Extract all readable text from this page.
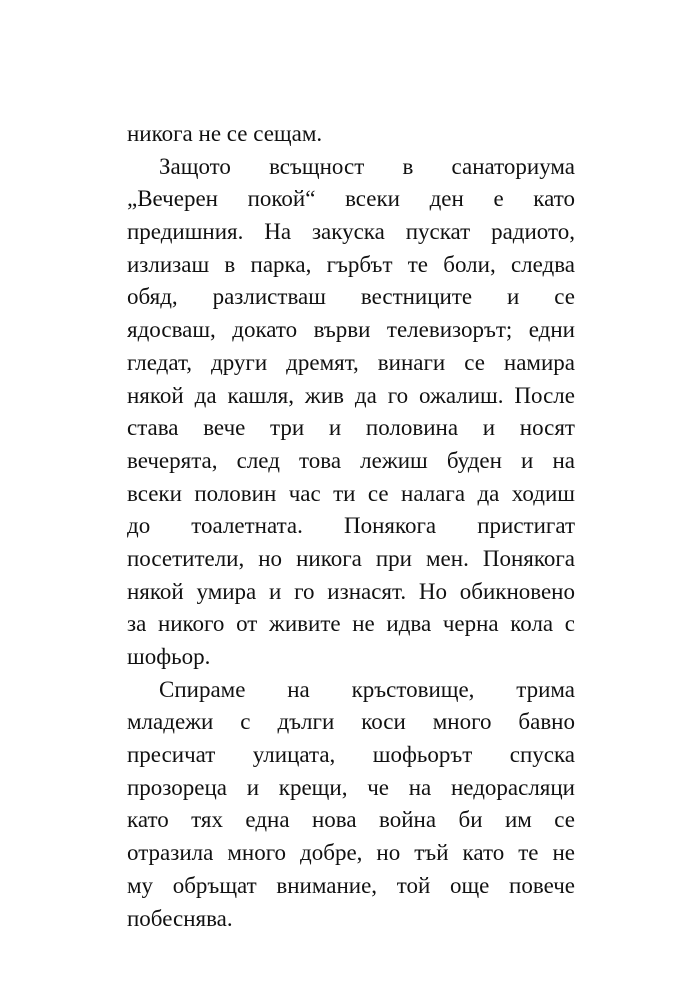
никога не се сещам.
Защото всъщност в санаториума
„Вечерен покой“ всеки ден е като
предишния. На закуска пускат радиото,
излизаш в парка, гърбът те боли, следва
обяд, разлистваш вестниците и се
ядосваш, докато върви телевизорът; едни
гледат, други дремят, винаги се намира
някой да кашля, жив да го ожалиш. После
става вече три и половина и носят
вечерята, след това лежиш буден и на
всеки половин час ти се налага да ходиш
до тоалетната. Понякога пристигат
посетители, но никога при мен. Понякога
някой умира и го изнасят. Но обикновено
за никого от живите не идва черна кола с
шофьор.
Спираме на кръстовище, трима
младежи с дълги коси много бавно
пресичат улицата, шофьорът спуска
прозореца и крещи, че на недорасляци
като тях една нова война би им се
отразила много добре, но тъй като те не
му обръщат внимание, той още повече
побеснява.
